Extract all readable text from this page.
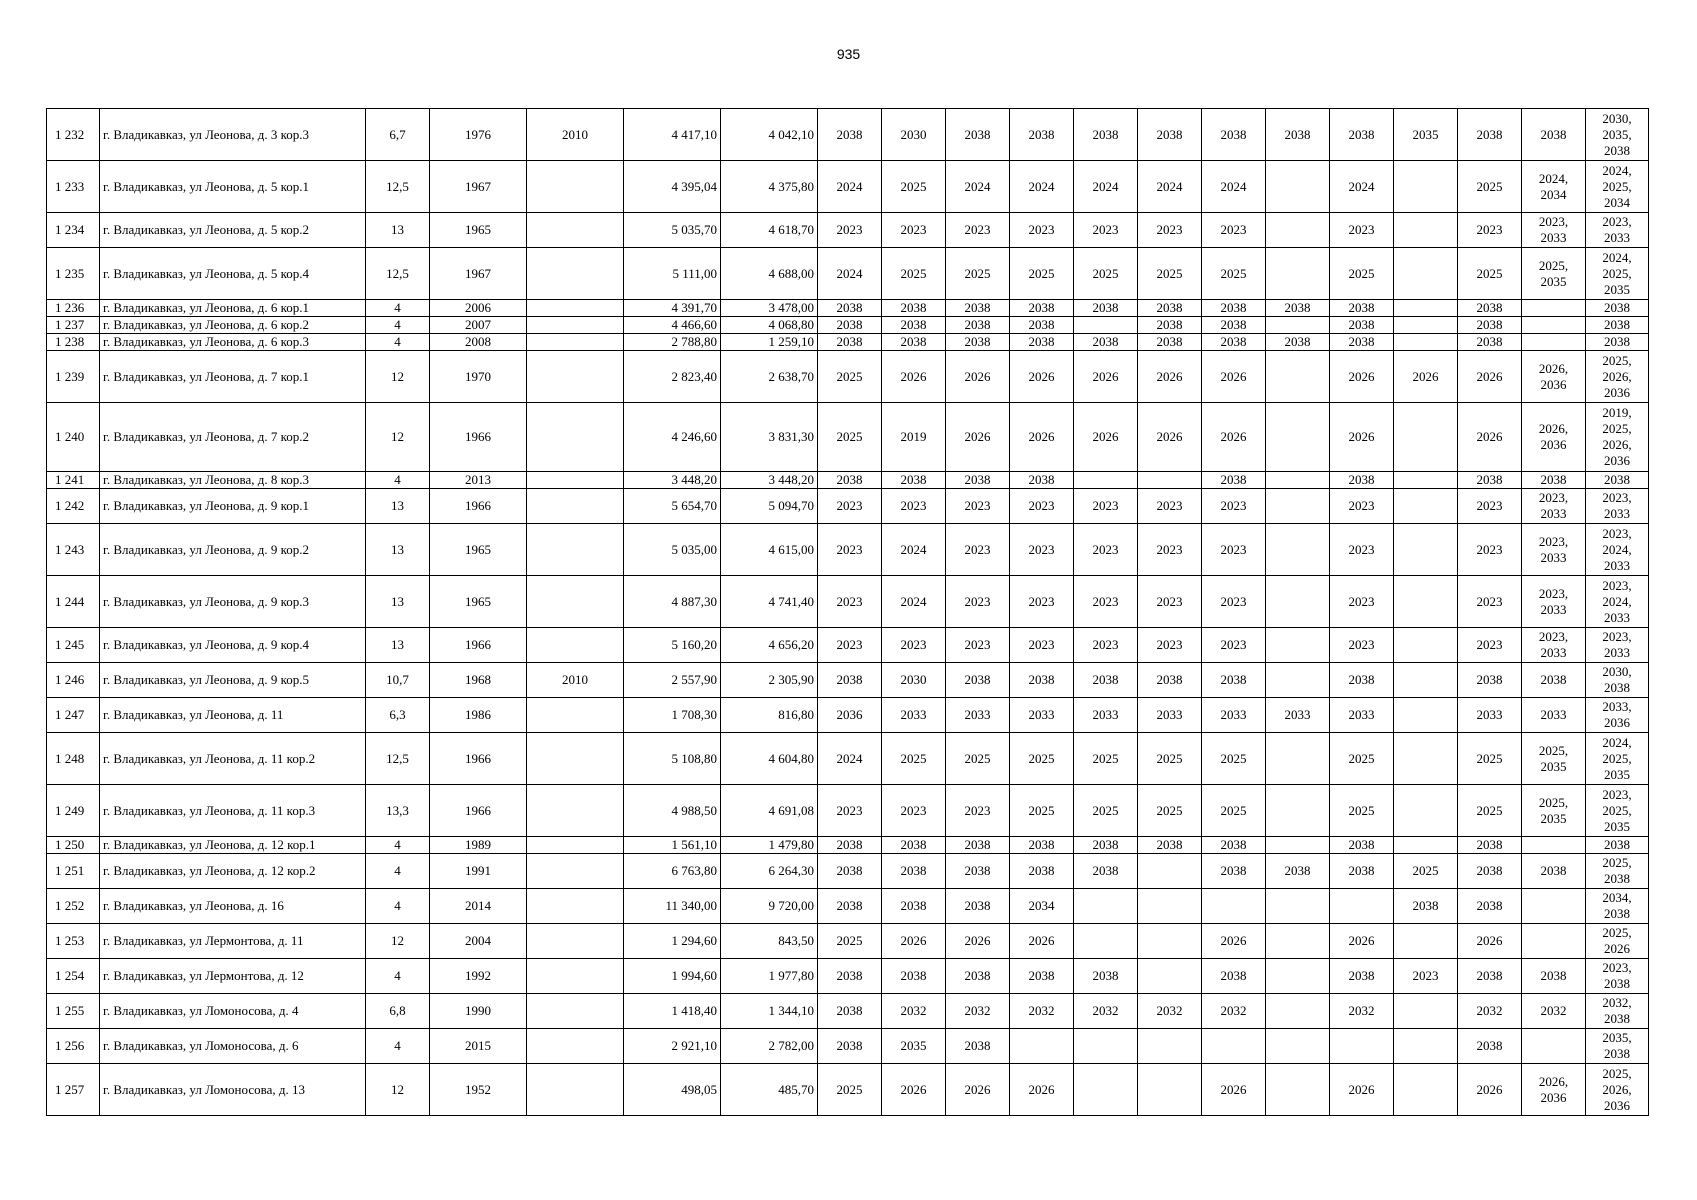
935
1 232	г. Владикавказ, ул Леонова, д. 3 кор.3	6,7	1976	2010	4 417,10	4 042,10	2038	2030	2038	2038	2038	2038	2038	2038	2038	2035	2038	2038	2030,
2035,
2038
1 233	г. Владикавказ, ул Леонова, д. 5 кор.1	12,5	1967		4 395,04	4 375,80	2024	2025	2024	2024	2024	2024	2024		2024		2025	2024,
2034	2024,
2025,
2034
1 234	г. Владикавказ, ул Леонова, д. 5 кор.2	13	1965		5 035,70	4 618,70	2023	2023	2023	2023	2023	2023	2023		2023		2023	2023,
2033	2023,
2033
1 235	г. Владикавказ, ул Леонова, д. 5 кор.4	12,5	1967		5 111,00	4 688,00	2024	2025	2025	2025	2025	2025	2025		2025		2025	2025,
2035	2024,
2025,
2035
1 236	г. Владикавказ, ул Леонова, д. 6 кор.1	4	2006		4 391,70	3 478,00	2038	2038	2038	2038	2038	2038	2038	2038	2038		2038		2038
1 237	г. Владикавказ, ул Леонова, д. 6 кор.2	4	2007		4 466,60	4 068,80	2038	2038	2038	2038		2038	2038		2038		2038		2038
1 238	г. Владикавказ, ул Леонова, д. 6 кор.3	4	2008		2 788,80	1 259,10	2038	2038	2038	2038	2038	2038	2038	2038	2038		2038		2038
1 239	г. Владикавказ, ул Леонова, д. 7 кор.1	12	1970		2 823,40	2 638,70	2025	2026	2026	2026	2026	2026	2026		2026	2026	2026	2026,
2036	2025,
2026,
2036
1 240	г. Владикавказ, ул Леонова, д. 7 кор.2	12	1966		4 246,60	3 831,30	2025	2019	2026	2026	2026	2026	2026		2026		2026	2026,
2036	2019,
2025,
2026,
2036
1 241	г. Владикавказ, ул Леонова, д. 8 кор.3	4	2013		3 448,20	3 448,20	2038	2038	2038	2038			2038		2038		2038	2038	2038
1 242	г. Владикавказ, ул Леонова, д. 9 кор.1	13	1966		5 654,70	5 094,70	2023	2023	2023	2023	2023	2023	2023		2023		2023	2023,
2033	2023,
2033
1 243	г. Владикавказ, ул Леонова, д. 9 кор.2	13	1965		5 035,00	4 615,00	2023	2024	2023	2023	2023	2023	2023		2023		2023	2023,
2033	2023,
2024,
2033
1 244	г. Владикавказ, ул Леонова, д. 9 кор.3	13	1965		4 887,30	4 741,40	2023	2024	2023	2023	2023	2023	2023		2023		2023	2023,
2033	2023,
2024,
2033
1 245	г. Владикавказ, ул Леонова, д. 9 кор.4	13	1966		5 160,20	4 656,20	2023	2023	2023	2023	2023	2023	2023		2023		2023	2023,
2033	2023,
2033
1 246	г. Владикавказ, ул Леонова, д. 9 кор.5	10,7	1968	2010	2 557,90	2 305,90	2038	2030	2038	2038	2038	2038	2038		2038		2038	2038	2030,
2038
1 247	г. Владикавказ, ул Леонова, д. 11	6,3	1986		1 708,30	816,80	2036	2033	2033	2033	2033	2033	2033	2033	2033		2033	2033	2033,
2036
1 248	г. Владикавказ, ул Леонова, д. 11 кор.2	12,5	1966		5 108,80	4 604,80	2024	2025	2025	2025	2025	2025	2025		2025		2025	2025,
2035	2024,
2025,
2035
1 249	г. Владикавказ, ул Леонова, д. 11 кор.3	13,3	1966		4 988,50	4 691,08	2023	2023	2023	2025	2025	2025	2025		2025		2025	2025,
2035	2023,
2025,
2035
1 250	г. Владикавказ, ул Леонова, д. 12 кор.1	4	1989		1 561,10	1 479,80	2038	2038	2038	2038	2038	2038	2038		2038		2038		2038
1 251	г. Владикавказ, ул Леонова, д. 12 кор.2	4	1991		6 763,80	6 264,30	2038	2038	2038	2038	2038		2038	2038	2038	2025	2038	2038	2025,
2038
1 252	г. Владикавказ, ул Леонова, д. 16	4	2014		11 340,00	9 720,00	2038	2038	2038	2034						2038	2038		2034,
2038
1 253	г. Владикавказ, ул Лермонтова, д. 11	12	2004		1 294,60	843,50	2025	2026	2026	2026			2026		2026		2026		2025,
2026
1 254	г. Владикавказ, ул Лермонтова, д. 12	4	1992		1 994,60	1 977,80	2038	2038	2038	2038	2038		2038		2038	2023	2038	2038	2023,
2038
1 255	г. Владикавказ, ул Ломоносова, д. 4	6,8	1990		1 418,40	1 344,10	2038	2032	2032	2032	2032	2032	2032		2032		2032	2032	2032,
2038
1 256	г. Владикавказ, ул Ломоносова, д. 6	4	2015		2 921,10	2 782,00	2038	2035	2038								2038		2035,
2038
1 257	г. Владикавказ, ул Ломоносова, д. 13	12	1952		498,05	485,70	2025	2026	2026	2026			2026		2026		2026	2026,
2036	2025,
2026,
2036
